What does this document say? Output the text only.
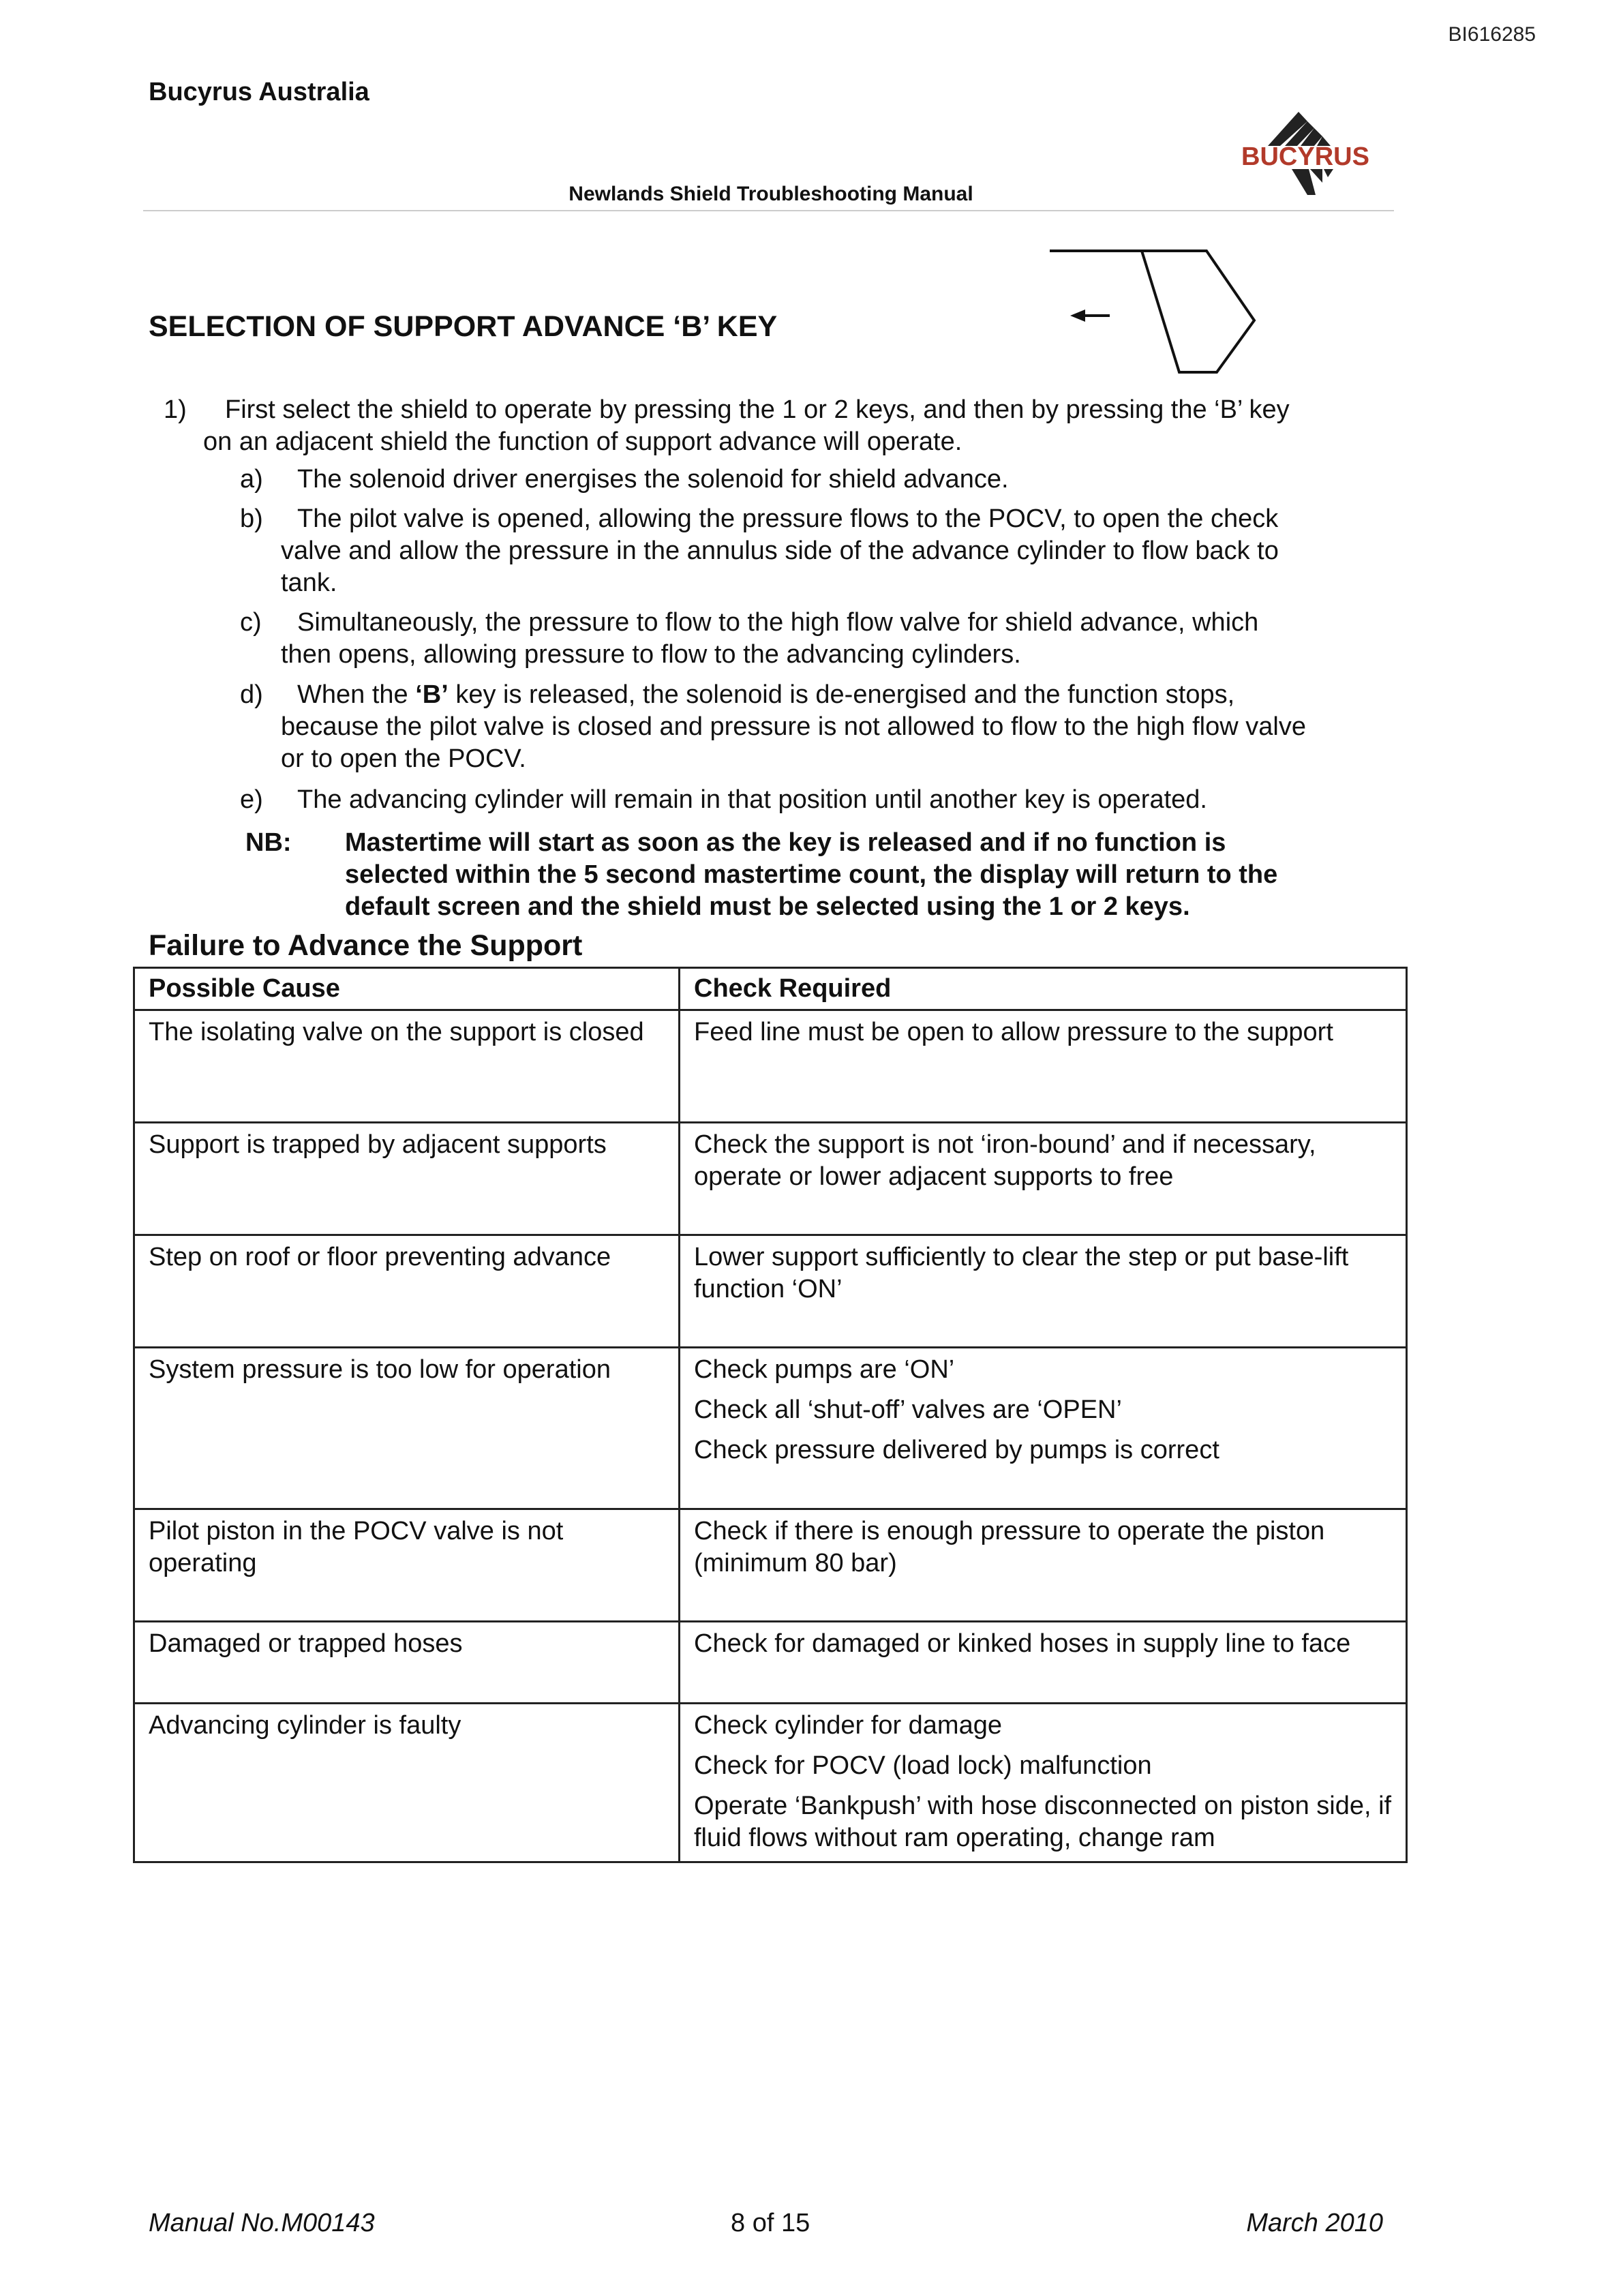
BI616285
Bucyrus Australia
BUCYRUS
Newlands Shield Troubleshooting Manual
SELECTION OF SUPPORT ADVANCE ‘B’ KEY
1) First select the shield to operate by pressing the 1 or 2 keys, and then by pressing the ‘B’ key
on an adjacent shield the function of support advance will operate.
a) The solenoid driver energises the solenoid for shield advance.
b) The pilot valve is opened, allowing the pressure flows to the POCV, to open the check
valve and allow the pressure in the annulus side of the advance cylinder to flow back to
tank.
c) Simultaneously, the pressure to flow to the high flow valve for shield advance, which
then opens, allowing pressure to flow to the advancing cylinders.
d) When the ‘B’ key is released, the solenoid is de-energised and the function stops,
because the pilot valve is closed and pressure is not allowed to flow to the high flow valve
or to open the POCV.
e) The advancing cylinder will remain in that position until another key is operated.
NB: Mastertime will start as soon as the key is released and if no function is
selected within the 5 second mastertime count, the display will return to the
default screen and the shield must be selected using the 1 or 2 keys.
Failure to Advance the Support
Possible Cause	Check Required
The isolating valve on the support is closed	Feed line must be open to allow pressure to the support

Support is trapped by adjacent supports	Check the support is not ‘iron-bound’ and if necessary, operate or lower adjacent supports to free

Step on roof or floor preventing advance	Lower support sufficiently to clear the step or put base-lift function ‘ON’

System pressure is too low for operation	Check pumps are ‘ON’
Check all ‘shut-off’ valves are ‘OPEN’
Check pressure delivered by pumps is correct

Pilot piston in the POCV valve is not operating	Check if there is enough pressure to operate the piston (minimum 80 bar)

Damaged or trapped hoses	Check for damaged or kinked hoses in supply line to face

Advancing cylinder is faulty	Check cylinder for damage
Check for POCV (load lock) malfunction
Operate ‘Bankpush’ with hose disconnected on piston side, if fluid flows without ram operating, change ram
Manual No.M00143	8 of 15	March 2010
